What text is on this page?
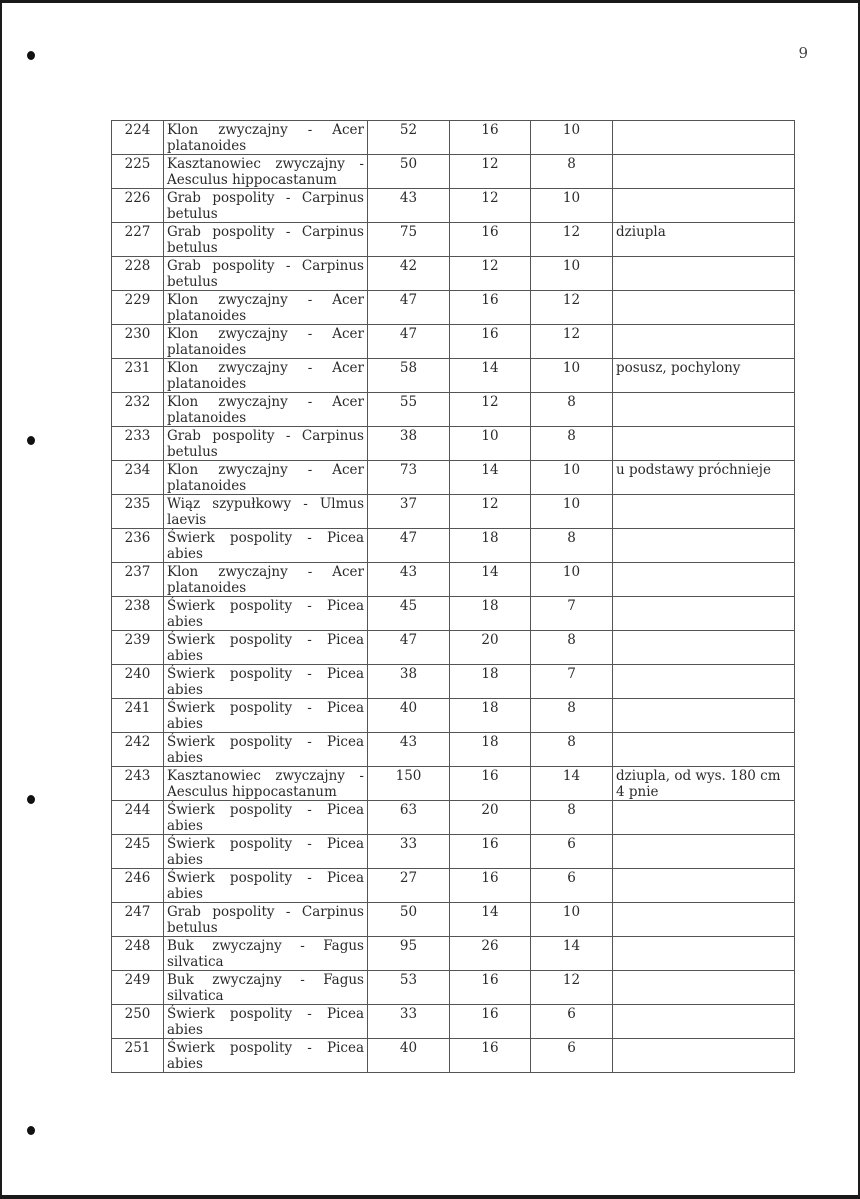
9
224	Klon zwyczajny - Acer
platanoides	52	16	10	
225	Kasztanowiec zwyczajny -
Aesculus hippocastanum	50	12	8	
226	Grab pospolity - Carpinus
betulus	43	12	10	
227	Grab pospolity - Carpinus
betulus	75	16	12	dziupla
228	Grab pospolity - Carpinus
betulus	42	12	10	
229	Klon zwyczajny - Acer
platanoides	47	16	12	
230	Klon zwyczajny - Acer
platanoides	47	16	12	
231	Klon zwyczajny - Acer
platanoides	58	14	10	posusz, pochylony
232	Klon zwyczajny - Acer
platanoides	55	12	8	
233	Grab pospolity - Carpinus
betulus	38	10	8	
234	Klon zwyczajny - Acer
platanoides	73	14	10	u podstawy próchnieje
235	Wiąz szypułkowy - Ulmus
laevis	37	12	10	
236	Świerk pospolity - Picea
abies	47	18	8	
237	Klon zwyczajny - Acer
platanoides	43	14	10	
238	Świerk pospolity - Picea
abies	45	18	7	
239	Świerk pospolity - Picea
abies	47	20	8	
240	Świerk pospolity - Picea
abies	38	18	7	
241	Świerk pospolity - Picea
abies	40	18	8	
242	Świerk pospolity - Picea
abies	43	18	8	
243	Kasztanowiec zwyczajny -
Aesculus hippocastanum	150	16	14	dziupla, od wys. 180 cm 4 pnie
244	Świerk pospolity - Picea
abies	63	20	8	
245	Świerk pospolity - Picea
abies	33	16	6	
246	Świerk pospolity - Picea
abies	27	16	6	
247	Grab pospolity - Carpinus
betulus	50	14	10	
248	Buk zwyczajny - Fagus
silvatica	95	26	14	
249	Buk zwyczajny - Fagus
silvatica	53	16	12	
250	Świerk pospolity - Picea
abies	33	16	6	
251	Świerk pospolity - Picea
abies	40	16	6	
